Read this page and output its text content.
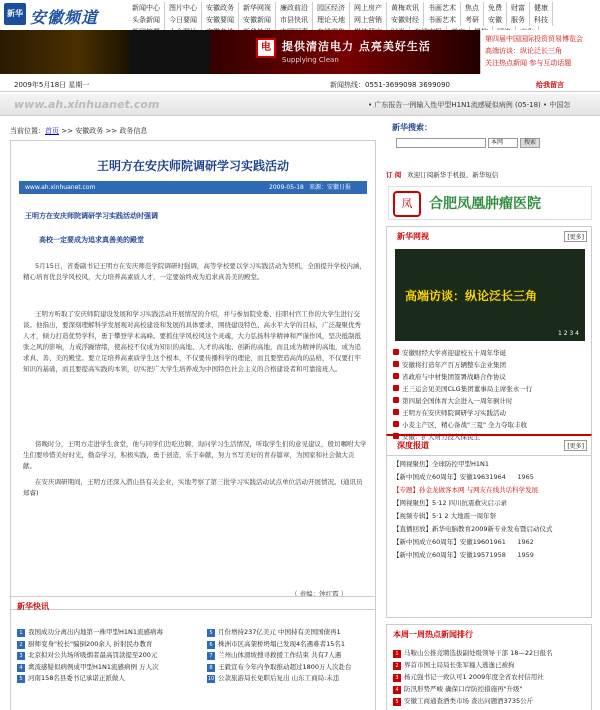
新华 安徽频道	新闻中心	图片中心	安徽政务	新华网视	廉政前沿	园区经济	网上房产	黄梅欢讯	书画艺术	焦点	免费	财富	健康
头条新闻	今日要闻	安徽要闻	安徽新闻	市县快讯	理论天地	网上营销	安徽财经	书画艺术	考研	安徽	服务	科技
电	提供清洁电力 点亮美好生活
Supplying Clean
第四届中国国际投资贸易博览会
高端访谈：纵论泛长三角
关注热点新闻 参与互动话题
2009年5月18日 星期一	新闻热线：0551-3699098 3699090	给我留言
www.ah.xinhuanet.com	• 广东报告一例输入性甲型H1N1流感疑似病例 (05-18) • 中国怎
当前位置：首页 >> 安徽政务 >> 政务信息
王明方在安庆师院调研学习实践活动
www.ah.xinhuanet.com	2009-05-18 来源：安徽日报
王明方在安庆师院调研学习实践活动时强调
高校一定要成为追求真善美的殿堂
5月15日，省委副书记王明方在安庆师范学院调研时强调，高等学校要以学习实践活动为契机，全面提升学校内涵，精心培育优良学风校风，大力培养高素质人才，一定要始终成为追求真善美的殿堂。
王明方听取了安庆师院建设发展和学习实践活动开展情况的介绍，并与参加院党委、挂职村官工作的大学生进行交谈。他指出，要深刻理解科学发展观对高校建设和发展的具体要求，围绕建设特色、高水平大学的目标，广泛凝聚优秀人才，倾力打造优势学科，勇于攀登学术高峰。要抓住学风校风这个灵魂，大力弘扬科学精神和严谨作风，坚决抵制抵张之风的影响，力戒浮躁情绪，使高校不仅成为知识的高地、人才的高地、创新的高地，而且成为精神的高地，成为追求真、善、美的殿堂。要立足培养高素质学生这个根本，不仅要传播科学的理论，而且要塑造高尚的品格，不仅要打牢知识的基础，而且要提高实践的本领，切实把广大学生培养成为中国特色社会主义的合格建设者和可靠接班人。
傍晚时分，王明方走进学生食堂，他与同学们边吃边聊，询问学习生活情况，听取学生们的意见建议，殷切嘱咐大学生们要珍惜美好时光，勤奋学习，积极实践，勇于创造，乐于奉献，努力书写美好的青春篇章，为国家和社会做大贡献。
在安庆调研期间，王明方还深入潜山县有关企业，实地考察了第三批学习实践活动试点单位活动开展情况。(通讯员郑睿)
（ 责编：钟红霞 ）
新华快讯
1 我国成功分离出内地第一株甲型H1N1流感病毒	5 月份增持237亿美元 中国持有美国国债再1
2 厨师变身"校长"骗倒200余人 折射民办教育	6 株洲市区高架桥坍塌已发现4名遇难者15名1
3 北京拟对公共场所吸烟者最高罚款提至200元	7 兰州山体滑坡搜寻救援工作结束 共有7人遇
4 禽流感疑似病例成甲型H1N1流感病例 万人次	8 王毅宣布今年内争取推动超过1800万人次赴台
5 河南158名县委书记承诺正派做人	10 公款旅游局长免职后复出 山东工商局:未违
新华搜索：
本网	搜索
订 阅 欢迎订阅新华手机报、新华短信
凤	合肥凤凰肿瘤医院
新华网视	[更多]
高端访谈：纵论泛长三角
1 2 3 4
安徽财经大学喜迎建校五十周年华诞
安徽将打造年产百万辆整车企业集团
省政府与中材集团签署战略合作协议
王三运会见美国CLG集团董事局主席张永一行
第四届全国体育大会进入一周年倒计时
王明方在安庆师院调研学习实践活动
小麦主产区，精心备战"三夏" 全力夺取丰收
安徽：扩大财力投入保民生
深度报道	[更多]
【网视聚焦】全球防控甲型H1N1
【新中国成立60周年】安徽19631964 1965
【专题】孙金龙做客本网 与网友在线共话科学发展
【网视聚焦】5·12 四川抗震救灾启示录
【视频专辑】5·1 2 大地震一周年祭
【直播回放】新华电脑教育2009新专业发布暨启动仪式
【新中国成立60周年】安徽19601961 1962
【新中国成立60周年】安徽19571958 1959
本周一周热点新闻排行
1 马鞍山公推竞聘选拔副处级领导干部 18—22日报名
2 界首市国土局局长张军撞人逃逸已被拘
3 杨元强书记一致认可1 2009年度全省农村信用社
4 防汛形势严峻 确保口岸防控措施再"升级"
5 安徽工商通查酒类市场 查出问题酒3735公斤
